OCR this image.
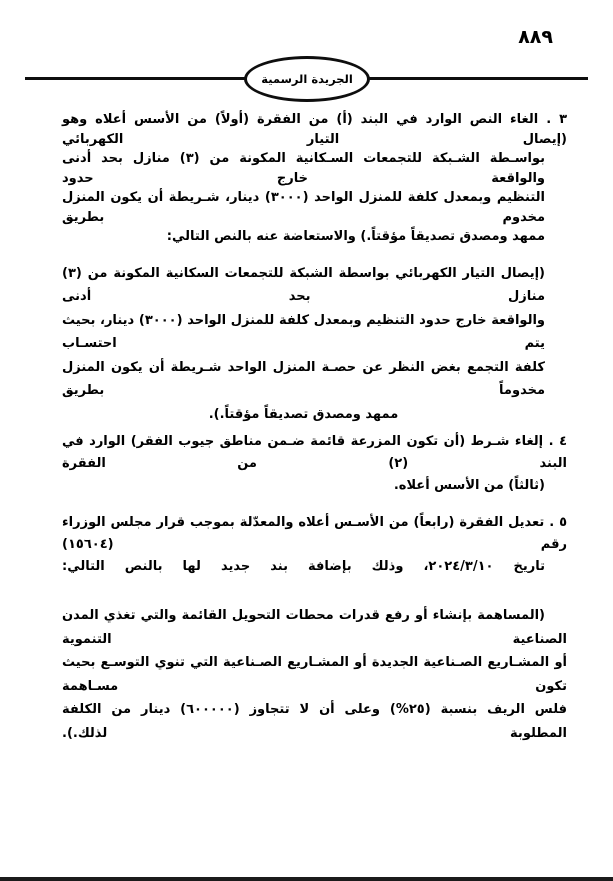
٨٨٩
الجريدة الرسمية
٣ . الغاء النص الوارد في البند (أ) من الفقرة (أولاً) من الأسس أعلاه وهو (إيصال التيار الكهربائي
بواسـطة الشـبكة للتجمعات السـكانية المكونة من (٣) منازل بحد أدنى والواقعة خارج حدود
التنظيم وبمعدل كلفة للمنزل الواحد (٣٠٠٠) دينار، شـريطة أن يكون المنزل مخدوم بطريق
ممهد ومصدق تصديقاً مؤقتاً.) والاستعاضة عنه بالنص التالي:
(إيصال التيار الكهربائي بواسطة الشبكة للتجمعات السكانية المكونة من (٣) منازل بحد أدنى
والواقعة خارج حدود التنظيم وبمعدل كلفة للمنزل الواحد (٣٠٠٠) دينار، بحيث يتم احتسـاب
كلفة التجمع بغض النظر عن حصـة المنزل الواحد شـريطة أن يكون المنزل مخدوماً بطريق
ممهد ومصدق تصديقاً مؤقتاً.).
٤ . إلغاء شـرط (أن تكون المزرعة قائمة ضـمن مناطق جيوب الفقر) الوارد في البند (٢) من الفقرة
(ثالثاً) من الأسس أعلاه.
٥ . تعديل الفقرة (رابعاً) من الأسـس أعلاه والمعدّلة بموجب قرار مجلس الوزراء رقم (١٥٦٠٤)
تاريخ ٢٠٢٤/٣/١٠، وذلك بإضافة بند جديد لها بالنص التالي:
(المساهمة بإنشاء أو رفع قدرات محطات التحويل القائمة والتي تغذي المدن الصناعية التنموية
أو المشـاريع الصـناعية الجديدة أو المشـاريع الصـناعية التي تنوي التوسـع بحيث تكون مسـاهمة
فلس الريف بنسبة (٢٥%) وعلى أن لا تتجاوز (٦٠٠٠٠٠) دينار من الكلفة المطلوبة لذلك.).
